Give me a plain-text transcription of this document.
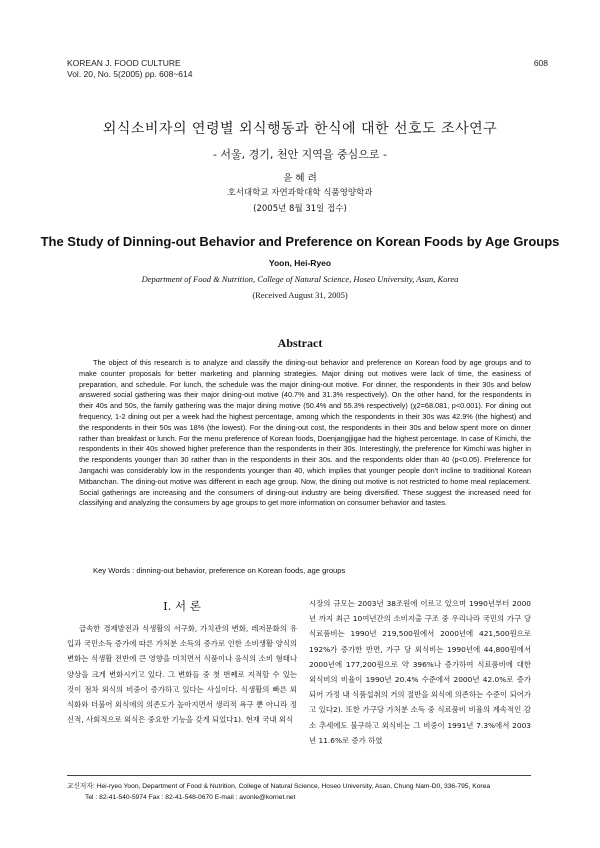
KOREAN J. FOOD CULTURE
Vol. 20, No. 5(2005) pp. 608~614
608
외식소비자의 연령별 외식행동과 한식에 대한 선호도 조사연구
- 서울, 경기, 천안 지역을 중심으로 -
윤 혜 려
호서대학교 자연과학대학 식품영양학과
(2005년 8월 31일 접수)
The Study of Dinning-out Behavior and Preference on Korean Foods by Age Groups
Yoon, Hei-Ryeo
Department of Food & Nutrition, College of Natural Science, Hoseo University, Asan, Korea
(Received August 31, 2005)
Abstract
The object of this research is to analyze and classify the dining-out behavior and preference on Korean food by age groups and to make counter proposals for better marketing and planning strategies. Major dining out motives were lack of time, the easiness of preparation, and schedule. For lunch, the schedule was the major dining-out motive. For dinner, the respondents in their 30s and below answered social gathering was their major dining-out motive (40.7% and 31.3% respectively). On the other hand, for the respondents in their 40s and 50s, the family gathering was the major dining motive (50.4% and 55.3% respectively) (χ2=68.081, p<0.001). For dining out frequency, 1-2 dining out per a week had the highest percentage, among which the respondents in their 30s was 42.9% (the highest) and the respondents in their 50s was 18% (the lowest). For the dining-out cost, the respondents in their 30s and below spent more on dinner rather than breakfast or lunch. For the menu preference of Korean foods, Doenjangjjigae had the highest percentage. In case of Kimchi, the respondents in their 40s showed higher preference than the respondents in their 30s. Interestingly, the preference for Kimchi was higher in the respondents younger than 30 rather than in the respondents in their 30s. and the respondents older than 40 (p<0.05). Preference for Jangachi was considerably low in the respondents younger than 40, which implies that younger people don't incline to traditional Korean Mitbanchan. The dining-out motive was different in each age group. Now, the dining out motive is not restricted to home meal replacement. Social gatherings are increasing and the consumers of dining-out industry are being diversified. These suggest the increased need for classifying and analyzing the consumers by age groups to get more information on consumer behavior and tastes.
Key Words : dinning-out behavior, preference on Korean foods, age groups
I. 서 론
급속한 경제발전과 식생활의 서구화, 가치관의 변화, 레저문화의 유입과 국민소득 증가에 따른 가처분 소득의 증가로 인한 소비생활 양식의 변화는 식생활 전반에 큰 영향을 미치면서 식품이나 음식의 소비 형태나 양상을 크게 변화시키고 있다. 그 변화들 중 첫 번째로 지적할 수 있는 것이 점차 외식의 비중이 증가하고 있다는 사실이다. 식생활의 빠른 외식화와 더불어 외식에의 의존도가 높아지면서 생리적 욕구 뿐 아니라 정신적, 사회적으로 외식은 중요한 기능을 갖게 되었다1). 현재 국내 외식
시장의 규모는 2003년 38조원에 이르고 있으며 1990년부터 2000년 까지 최근 10여년간의 소비지출 구조 중 우리나라 국민의 가구 당 식료품비는 1990년 219,500원에서 2000년에 421,500원으로 192%가 증가한 반면, 가구 당 외식비는 1990년에 44,800원에서 2000년에 177,200원으로 약 396%나 증가하여 식료품비에 대한 외식비의 비율이 1990년 20.4% 수준에서 2000년 42.0%로 증가되어 가정 내 식품섭취의 거의 절반을 외식에 의존하는 수준이 되어가고 있다2). 또한 가구당 가처분 소득 중 식료품비 비율의 계속적인 감소 추세에도 불구하고 외식비는 그 비중이 1991년 7.3%에서 2003년 11.6%로 증가 하였
교신저자: Hei-ryeo Yoon, Department of Food & Nutrition, College of Natural Science, Hoseo University, Asan, Chung Nam-D0, 336-795, Korea
Tel : 82-41-540-5974 Fax : 82-41-548-0670 E-mail : avonle@kornet.net
